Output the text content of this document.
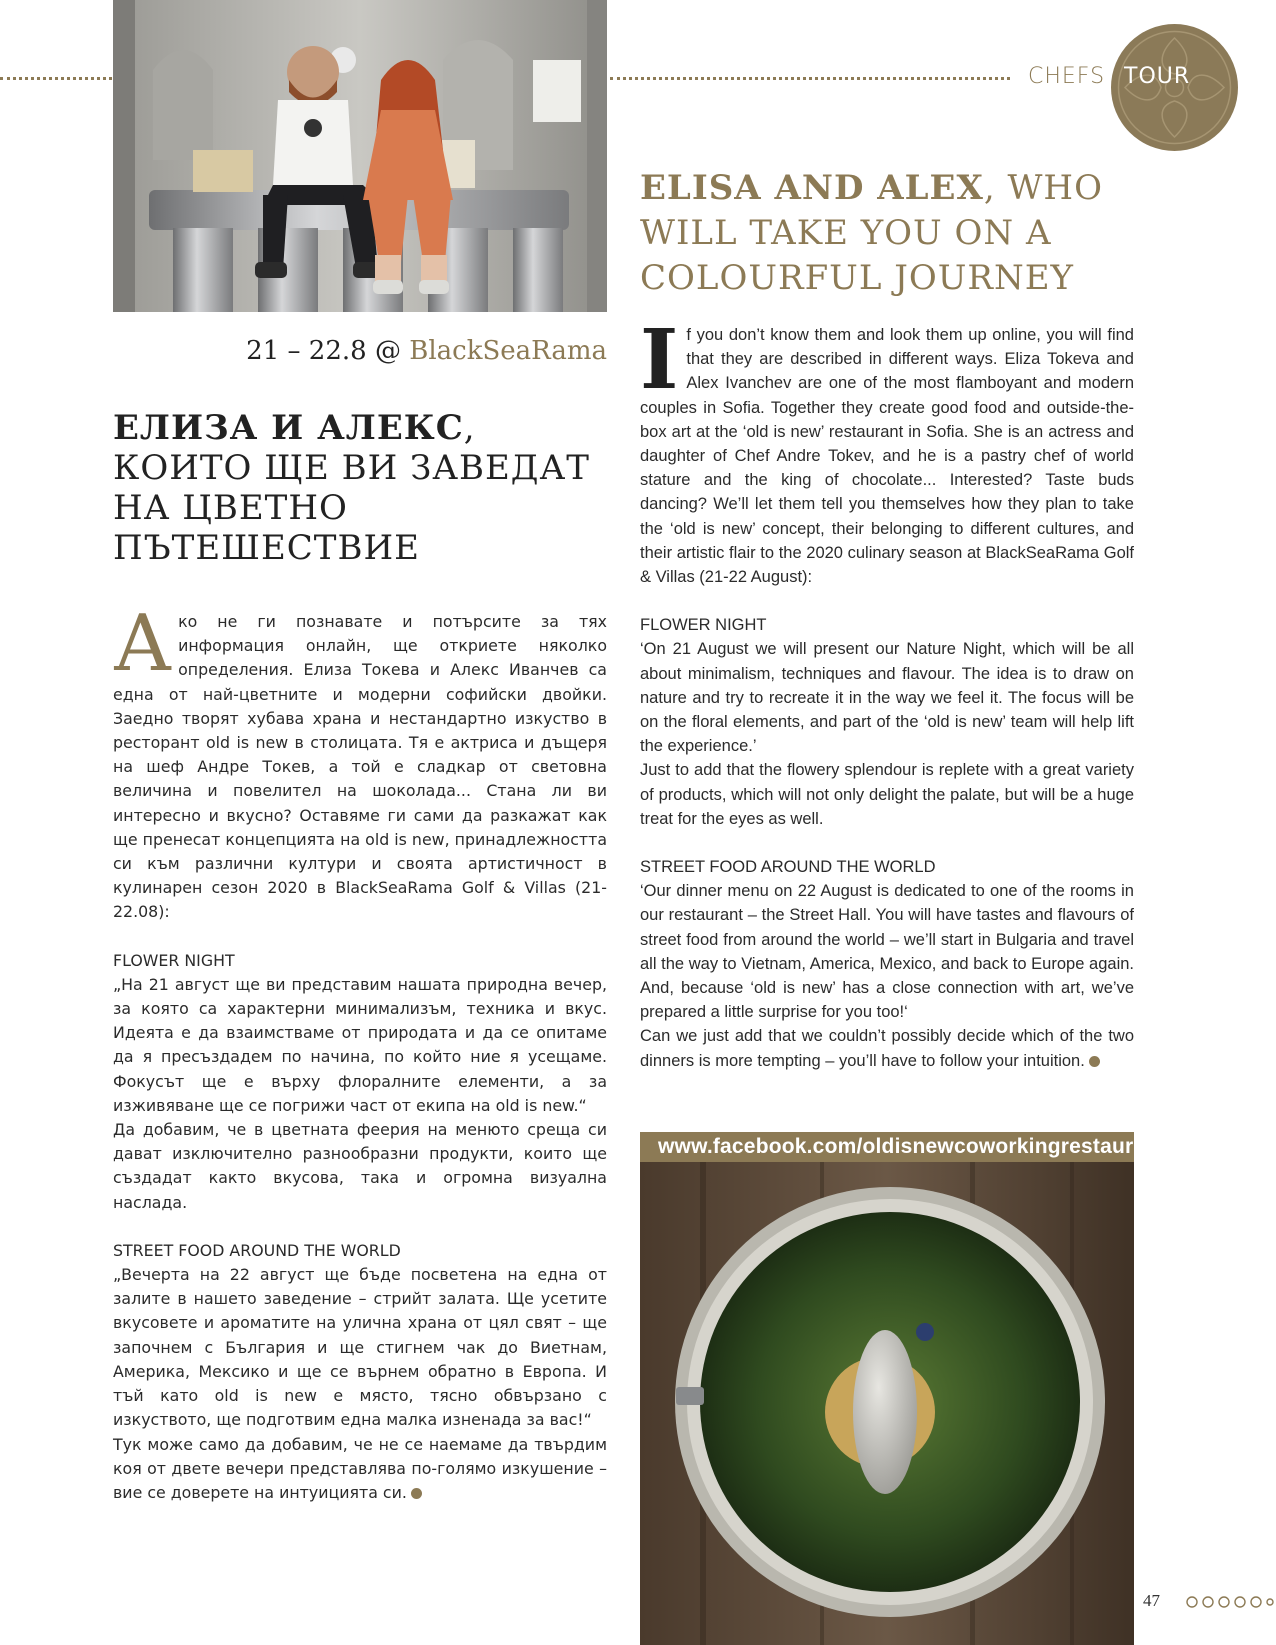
CHEFS TOUR
21 – 22.8 @ BlackSeaRama
ЕЛИЗА И АЛЕКС, КОИТО ЩЕ ВИ ЗАВЕДАТ НА ЦВЕТНО ПЪТЕШЕСТВИЕ

Ако не ги познавате и потърсите за тях информация онлайн, ще откриете няколко определения. Елиза Токева и Алекс Иванчев са една от най-цветните и модерни софийски двойки. Заедно творят хубава храна и нестандартно изкуство в ресторант old is new в столицата. Тя е актриса и дъщеря на шеф Андре Токев, а той е сладкар от световна величина и повелител на шоколада... Стана ли ви интересно и вкусно? Оставяме ги сами да разкажат как ще пренесат концепцията на old is new, принадлежността си към различни култури и своята артистичност в кулинарен сезон 2020 в BlackSeaRama Golf & Villas (21-22.08):

FLOWER NIGHT

„На 21 август ще ви представим нашата природна вечер, за която са характерни минимализъм, техника и вкус. Идеята е да взаимстваме от природата и да се опитаме да я пресъздадем по начина, по който ние я усещаме. Фокусът ще е върху флоралните елементи, а за изживяване ще се погрижи част от екипа на old is new.“

Да добавим, че в цветната феерия на менюто срещa си дават изключително разнообразни продукти, които ще създадат както вкусова, така и огромна визуална наслада.

STREET FOOD AROUND THE WORLD

„Вечерта на 22 август ще бъде посветена на една от залите в нашето заведение – стрийт залата. Ще усетите вкусовете и ароматите на улична храна от цял свят – ще започнем с България и ще стигнем чак до Виетнам, Америка, Мексико и ще се върнем обратно в Европа. И тъй като old is new е място, тясно обвързано с изкуството, ще подготвим една малка изненада за вас!“

Тук може само да добавим, че не се наемаме да твърдим коя от двете вечери представлява по-голямо изкушение – вие се доверете на интуицията си.

ELISA AND ALEX, WHO WILL TAKE YOU ON A COLOURFUL JOURNEY

If you don’t know them and look them up online, you will find that they are described in different ways. Eliza Tokeva and Alex Ivanchev are one of the most flamboyant and modern couples in Sofia. Together they create good food and outside-the-box art at the ‘old is new’ restaurant in Sofia. She is an actress and daughter of Chef Andre Tokev, and he is a pastry chef of world stature and the king of chocolate... Interested? Taste buds dancing? We’ll let them tell you themselves how they plan to take the ‘old is new’ concept, their belonging to different cultures, and their artistic flair to the 2020 culinary season at BlackSeaRama Golf & Villas (21-22 August):

FLOWER NIGHT

‘On 21 August we will present our Nature Night, which will be all about minimalism, techniques and flavour. The idea is to draw on nature and try to recreate it in the way we feel it. The focus will be on the floral elements, and part of the ‘old is new’ team will help lift the experience.’

Just to add that the flowery splendour is replete with a great variety of products, which will not only delight the palate, but will be a huge treat for the eyes as well.

STREET FOOD AROUND THE WORLD

‘Our dinner menu on 22 August is dedicated to one of the rooms in our restaurant – the Street Hall. You will have tastes and flavours of street food from around the world – we’ll start in Bulgaria and travel all the way to Vietnam, America, Mexico, and back to Europe again. And, because ‘old is new’ has a close connection with art, we’ve prepared a little surprise for you too!‘

Can we just add that we couldn’t possibly decide which of the two dinners is more tempting – you’ll have to follow your intuition.

www.facebook.com/oldisnewcoworkingrestaurant
47
